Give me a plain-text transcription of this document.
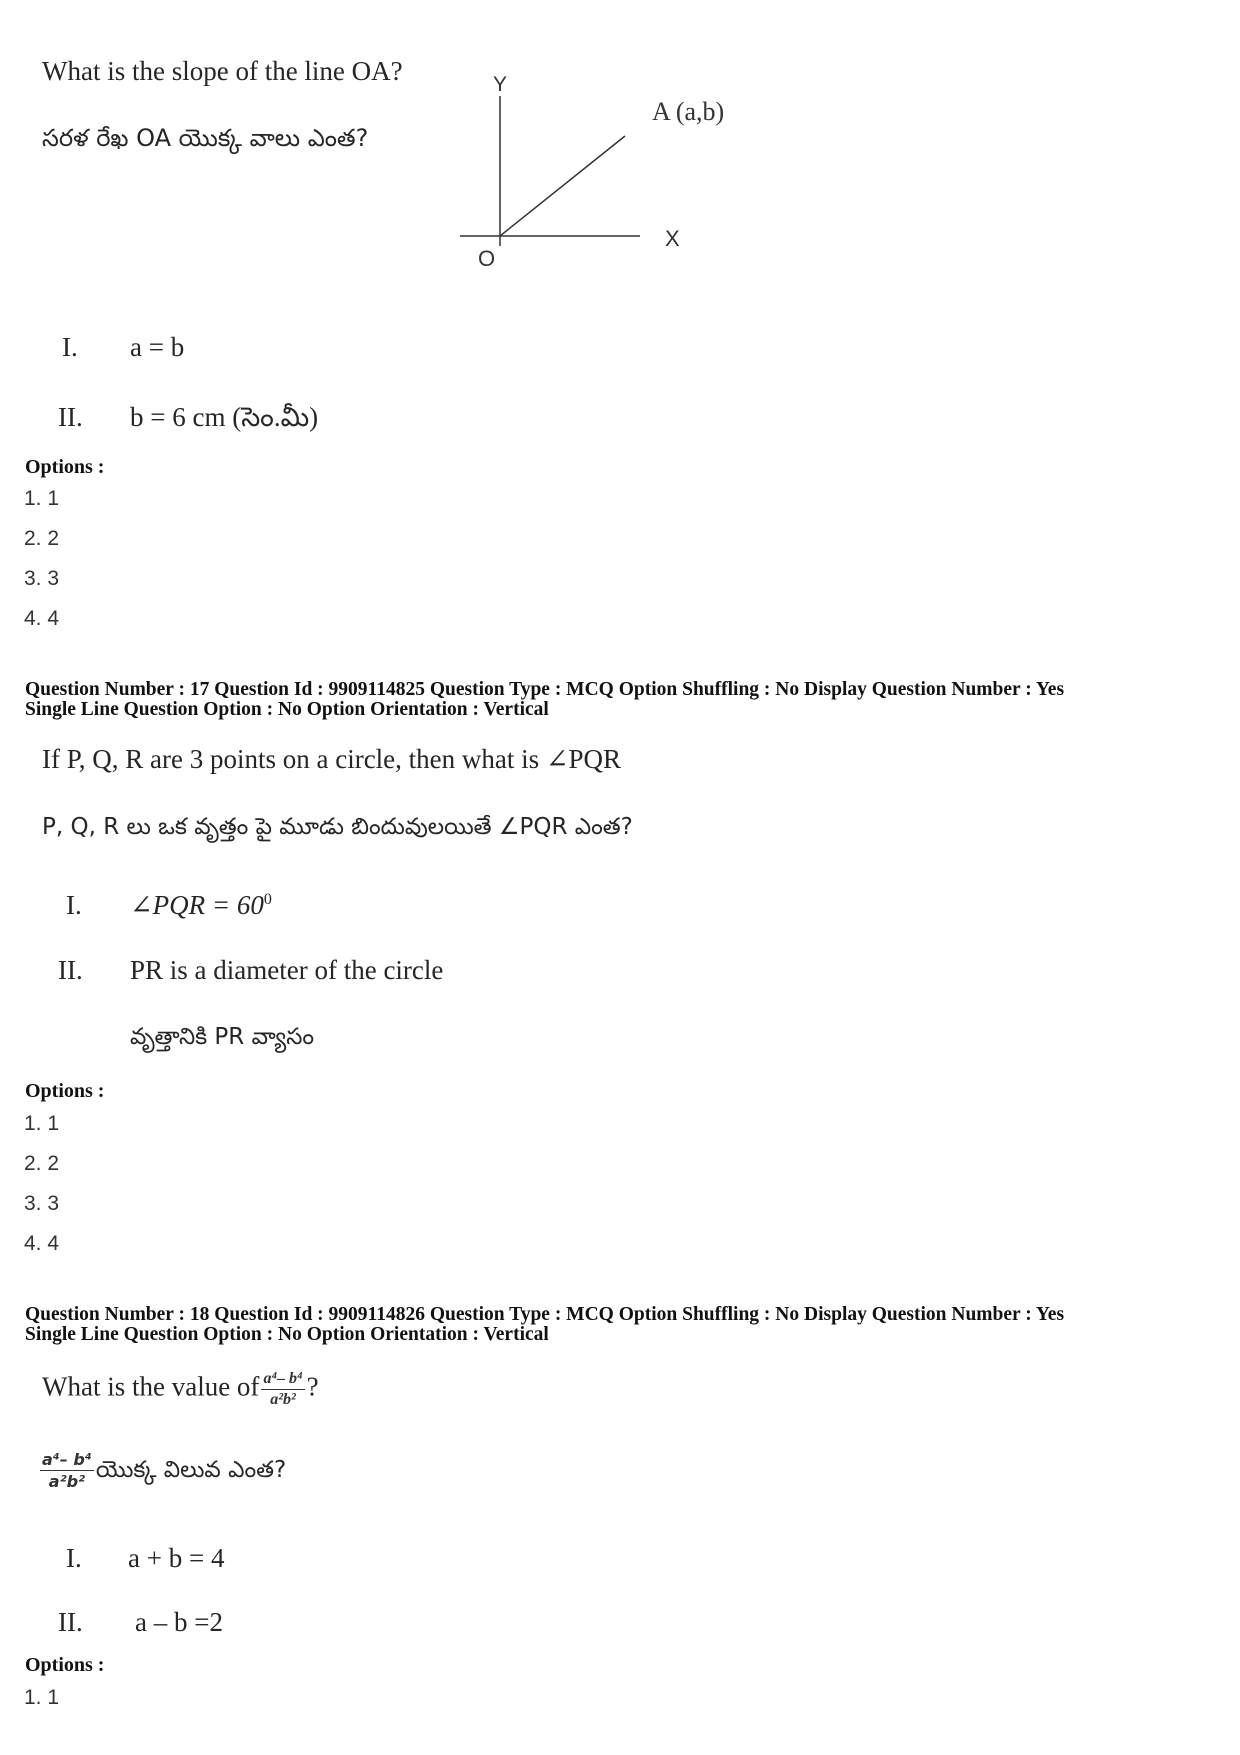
What is the slope of the line OA?
సరళ రేఖ OA యొక్క వాలు ఎంత?
Y
X
O
A (a,b)
I. a = b
II. b = 6 cm (సెం.మీ)
Options :
1. 1
2. 2
3. 3
4. 4
Question Number : 17 Question Id : 9909114825 Question Type : MCQ Option Shuffling : No Display Question Number : Yes
Single Line Question Option : No Option Orientation : Vertical
If P, Q, R are 3 points on a circle, then what is ∠PQR
P, Q, R లు ఒక వృత్తం పై మూడు బిందువులయితే ∠PQR ఎంత?
I. ∠PQR = $60^0$
II. PR is a diameter of the circle
వృత్తానికి PR వ్యాసం
Options :
1. 1
2. 2
3. 3
4. 4
Question Number : 18 Question Id : 9909114826 Question Type : MCQ Option Shuffling : No Display Question Number : Yes
Single Line Question Option : No Option Orientation : Vertical
What is the value of $\frac{\text{a⁴– b⁴}}{\text{a²b²}}$ ?
$\frac{\text{a⁴– b⁴}}{\text{a²b²}}$ యొక్క విలువ ఎంత?
I. a + b = 4
II. a – b =2
Options :
1. 1
